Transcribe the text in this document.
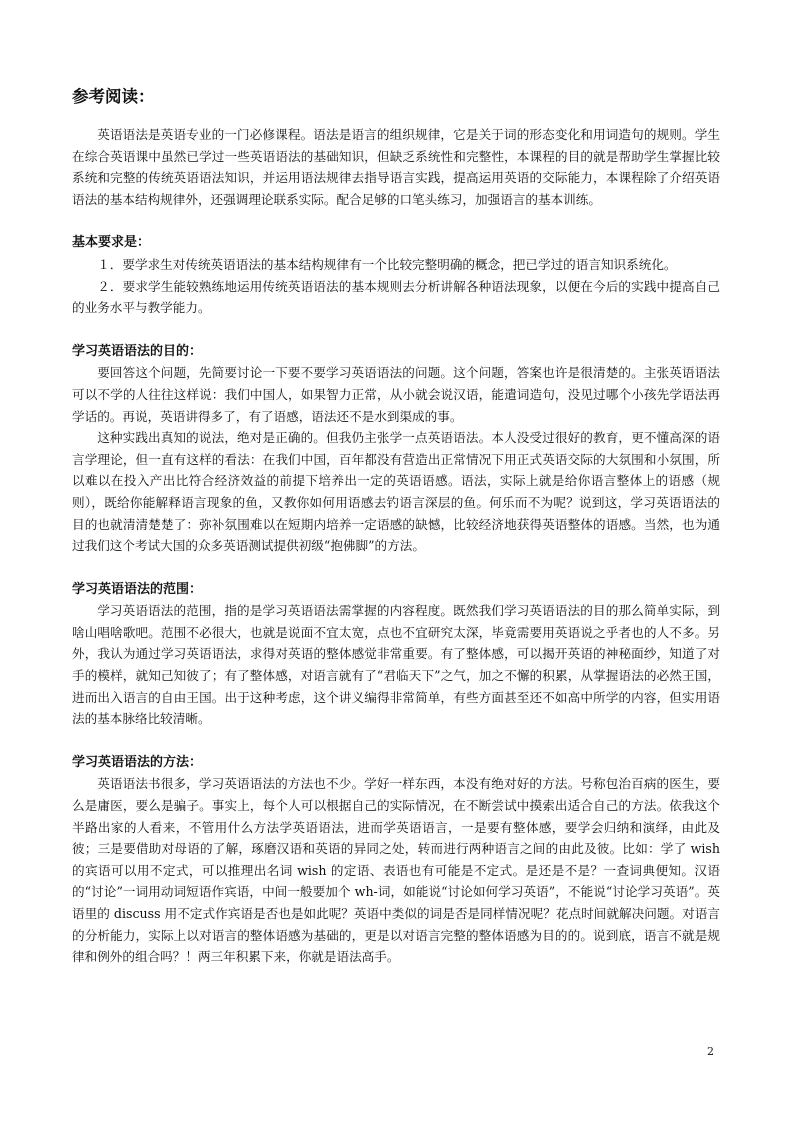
参考阅读：

英语语法是英语专业的一门必修课程。语法是语言的组织规律，它是关于词的形态变化和用词造句的规则。学生在综合英语课中虽然已学过一些英语语法的基础知识，但缺乏系统性和完整性，本课程的目的就是帮助学生掌握比较系统和完整的传统英语语法知识，并运用语法规律去指导语言实践，提高运用英语的交际能力，本课程除了介绍英语语法的基本结构规律外，还强调理论联系实际。配合足够的口笔头练习，加强语言的基本训练。

基本要求是：

１．要学求生对传统英语语法的基本结构规律有一个比较完整明确的概念，把已学过的语言知识系统化。

２．要求学生能较熟练地运用传统英语语法的基本规则去分析讲解各种语法现象，以便在今后的实践中提高自己的业务水平与教学能力。

学习英语语法的目的：

要回答这个问题，先简要讨论一下要不要学习英语语法的问题。这个问题，答案也许是很清楚的。主张英语语法可以不学的人往往这样说：我们中国人，如果智力正常，从小就会说汉语，能遣词造句，没见过哪个小孩先学语法再学话的。再说，英语讲得多了，有了语感，语法还不是水到渠成的事。

这种实践出真知的说法，绝对是正确的。但我仍主张学一点英语语法。本人没受过很好的教育，更不懂高深的语言学理论，但一直有这样的看法：在我们中国，百年都没有营造出正常情况下用正式英语交际的大氛围和小氛围，所以难以在投入产出比符合经济效益的前提下培养出一定的英语语感。语法，实际上就是给你语言整体上的语感（规则），既给你能解释语言现象的鱼，又教你如何用语感去钓语言深层的鱼。何乐而不为呢？说到这，学习英语语法的目的也就清清楚楚了：弥补氛围难以在短期内培养一定语感的缺憾，比较经济地获得英语整体的语感。当然，也为通过我们这个考试大国的众多英语测试提供初级“抱佛脚”的方法。

学习英语语法的范围：

学习英语语法的范围，指的是学习英语语法需掌握的内容程度。既然我们学习英语语法的目的那么简单实际，到啥山唱啥歌吧。范围不必很大，也就是说面不宜太宽，点也不宜研究太深，毕竟需要用英语说之乎者也的人不多。另外，我认为通过学习英语语法，求得对英语的整体感觉非常重要。有了整体感，可以揭开英语的神秘面纱，知道了对手的模样，就知己知彼了；有了整体感，对语言就有了“君临天下”之气，加之不懈的积累，从掌握语法的必然王国，进而出入语言的自由王国。出于这种考虑，这个讲义编得非常简单，有些方面甚至还不如高中所学的内容，但实用语法的基本脉络比较清晰。

学习英语语法的方法：

英语语法书很多，学习英语语法的方法也不少。学好一样东西，本没有绝对好的方法。号称包治百病的医生，要么是庸医，要么是骗子。事实上，每个人可以根据自己的实际情况，在不断尝试中摸索出适合自己的方法。依我这个半路出家的人看来，不管用什么方法学英语语法，进而学英语语言，一是要有整体感，要学会归纳和演绎，由此及彼；三是要借助对母语的了解，琢磨汉语和英语的异同之处，转而进行两种语言之间的由此及彼。比如：学了 wish 的宾语可以用不定式，可以推理出名词 wish 的定语、表语也有可能是不定式。是还是不是？一查词典便知。汉语的“讨论”一词用动词短语作宾语，中间一般要加个 wh-词，如能说“讨论如何学习英语”，不能说“讨论学习英语”。英语里的 discuss 用不定式作宾语是否也是如此呢？英语中类似的词是否是同样情况呢？花点时间就解决问题。对语言的分析能力，实际上以对语言的整体语感为基础的，更是以对语言完整的整体语感为目的的。说到底，语言不就是规律和例外的组合吗？！两三年积累下来，你就是语法高手。

2
